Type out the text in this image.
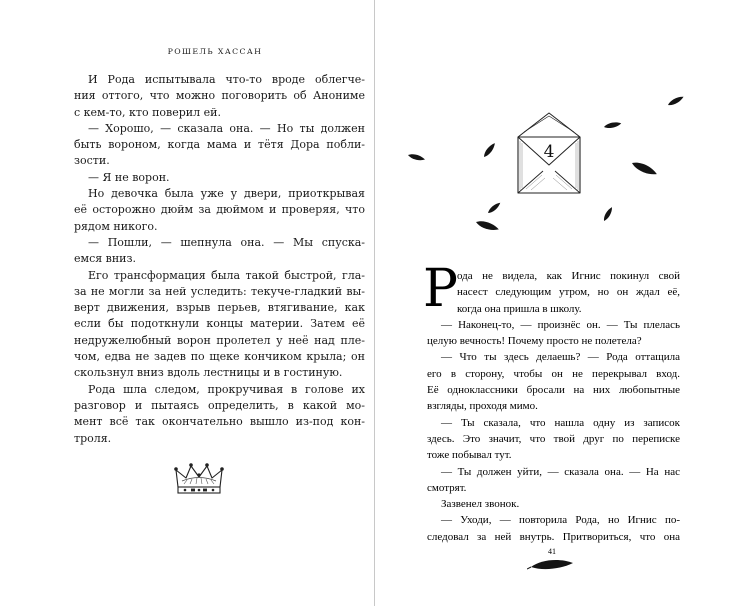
РОШЕЛЬ ХАССАН
И Рода испытывала что-то вроде облегче-
ния оттого, что можно поговорить об Анониме
с кем-то, кто поверил ей.
— Хорошо, — сказала она. — Но ты должен
быть вороном, когда мама и тётя Дора побли-
зости.
— Я не ворон.
Но девочка была уже у двери, приоткрывая
её осторожно дюйм за дюймом и проверяя, что
рядом никого.
— Пошли, — шепнула она. — Мы спуска-
емся вниз.
Его трансформация была такой быстрой, гла-
за не могли за ней уследить: текуче-гладкий вы-
верт движения, взрыв перьев, втягивание, как
если бы подоткнули концы материи. Затем её
недружелюбный ворон пролетел у неё над пле-
чом, едва не задев по щеке кончиком крыла; он
скользнул вниз вдоль лестницы и в гостиную.
Рода шла следом, прокручивая в голове их
разговор и пытаясь определить, в какой мо-
мент всё так окончательно вышло из-под кон-
троля.
4
Р ода не видела, как Игнис покинул свой
насест следующим утром, но он ждал её,
когда она пришла в школу.
— Наконец-то, — произнёс он. — Ты плелась
целую вечность! Почему просто не полетела?
— Что ты здесь делаешь? — Рода оттащила
его в сторону, чтобы он не перекрывал вход.
Её одноклассники бросали на них любопытные
взгляды, проходя мимо.
— Ты сказала, что нашла одну из записок
здесь. Это значит, что твой друг по переписке
тоже побывал тут.
— Ты должен уйти, — сказала она. — На нас
смотрят.
Зазвенел звонок.
— Уходи, — повторила Рода, но Игнис по-
следовал за ней внутрь. Притвориться, что она
41
